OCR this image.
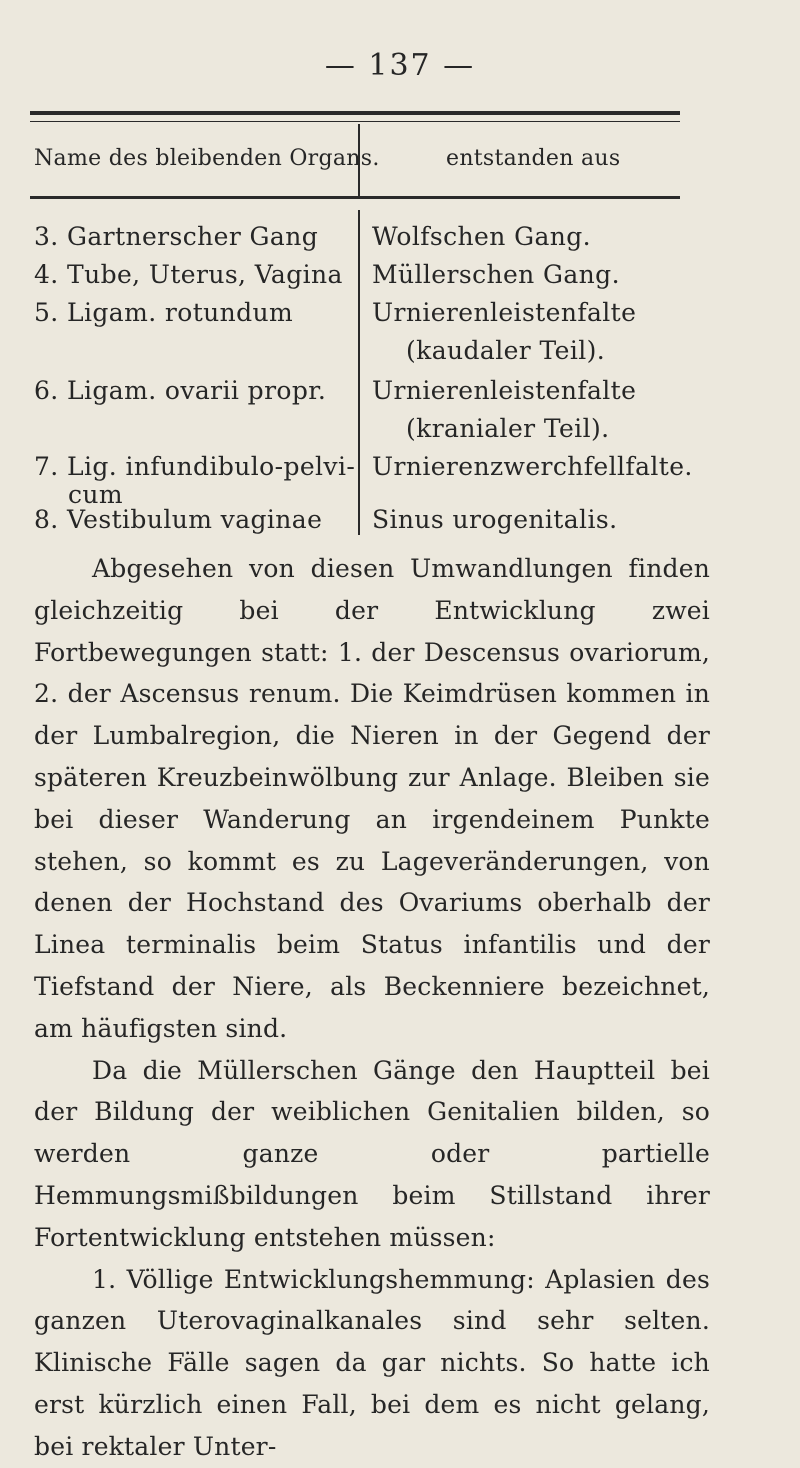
— 137 —
Name des bleibenden Organs.	entstanden aus
3. Gartnerscher Gang Wolfschen Gang.
4. Tube, Uterus, Vagina Müllerschen Gang.
5. Ligam. rotundum	Urnierenleistenfalte
(kaudaler Teil).
6. Ligam. ovarii propr. Urnierenleistenfalte
(kranialer Teil).
7. Lig. infundibulo-pelvi-
cum
Urnierenzwerchfellfalte.
8. Vestibulum vaginae Sinus urogenitalis.

Abgesehen von diesen Umwandlungen finden gleichzeitig bei der Entwicklung zwei Fortbewegungen statt: 1. der Descensus ovariorum, 2. der Ascensus renum. Die Keimdrüsen kommen in der Lumbalregion, die Nieren in der Gegend der späteren Kreuzbeinwölbung zur Anlage. Bleiben sie bei dieser Wanderung an irgendeinem Punkte stehen, so kommt es zu Lageveränderungen, von denen der Hochstand des Ovariums oberhalb der Linea terminalis beim Status infantilis und der Tiefstand der Niere, als Beckenniere bezeichnet, am häufigsten sind.

Da die Müllerschen Gänge den Hauptteil bei der Bildung der weiblichen Genitalien bilden, so werden ganze oder partielle Hemmungsmißbildungen beim Stillstand ihrer Fortentwicklung entstehen müssen:

1. Völlige Entwicklungshemmung: Aplasien des ganzen Uterovaginalkanales sind sehr selten. Klinische Fälle sagen da gar nichts. So hatte ich erst kürzlich einen Fall, bei dem es nicht gelang, bei rektaler Unter-
